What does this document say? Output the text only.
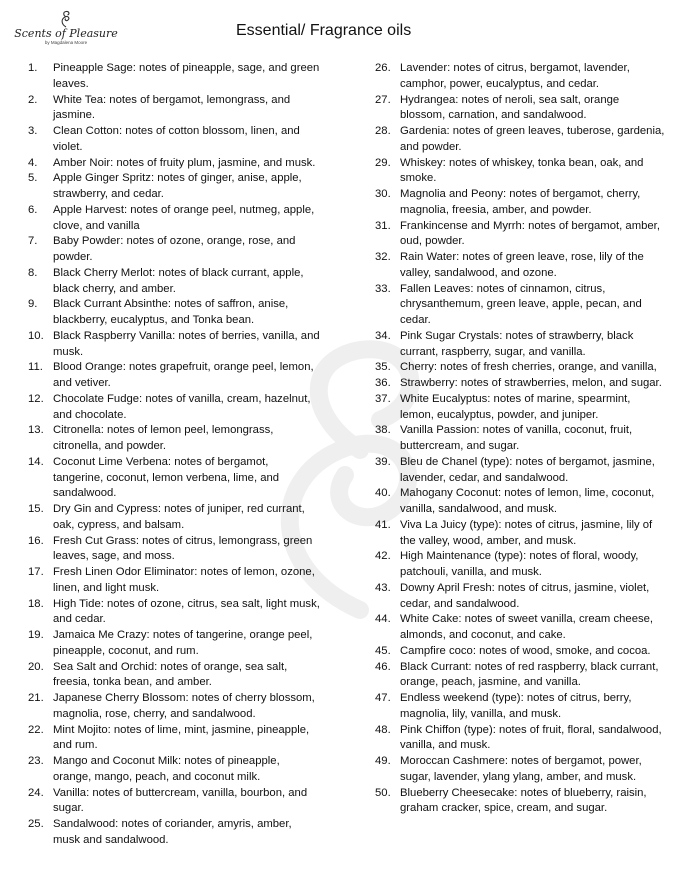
Scents of Pleasure
by Magdalena Moore
Essential/ Fragrance oils
1.	Pineapple Sage: notes of pineapple, sage, and green leaves.
2.	White Tea: notes of bergamot, lemongrass, and jasmine.
3.	Clean Cotton: notes of cotton blossom, linen, and violet.
4.	Amber Noir: notes of fruity plum, jasmine, and musk.
5.	Apple Ginger Spritz: notes of ginger, anise, apple, strawberry, and cedar.
6.	Apple Harvest: notes of orange peel, nutmeg, apple, clove, and vanilla
7.	Baby Powder: notes of ozone, orange, rose, and powder.
8.	Black Cherry Merlot: notes of black currant, apple, black cherry, and amber.
9.	Black Currant Absinthe: notes of saffron, anise, blackberry, eucalyptus, and Tonka bean.
10. Black Raspberry Vanilla: notes of berries, vanilla, and musk.
11. Blood Orange: notes grapefruit, orange peel, lemon, and vetiver.
12. Chocolate Fudge: notes of vanilla, cream, hazelnut, and chocolate.
13. Citronella: notes of lemon peel, lemongrass, citronella, and powder.
14. Coconut Lime Verbena: notes of bergamot, tangerine, coconut, lemon verbena, lime, and sandalwood.
15. Dry Gin and Cypress: notes of juniper, red currant, oak, cypress, and balsam.
16. Fresh Cut Grass: notes of citrus, lemongrass, green leaves, sage, and moss.
17. Fresh Linen Odor Eliminator: notes of lemon, ozone, linen, and light musk.
18. High Tide: notes of ozone, citrus, sea salt, light musk, and cedar.
19. Jamaica Me Crazy: notes of tangerine, orange peel, pineapple, coconut, and rum.
20. Sea Salt and Orchid: notes of orange, sea salt, freesia, tonka bean, and amber.
21. Japanese Cherry Blossom: notes of cherry blossom, magnolia, rose, cherry, and sandalwood.
22. Mint Mojito: notes of lime, mint, jasmine, pineapple, and rum.
23. Mango and Coconut Milk: notes of pineapple, orange, mango, peach, and coconut milk.
24. Vanilla: notes of buttercream, vanilla, bourbon, and sugar.
25. Sandalwood: notes of coriander, amyris, amber, musk and sandalwood.
26. Lavender: notes of citrus, bergamot, lavender, camphor, power, eucalyptus, and cedar.
27. Hydrangea: notes of neroli, sea salt, orange blossom, carnation, and sandalwood.
28. Gardenia: notes of green leaves, tuberose, gardenia, and powder.
29. Whiskey: notes of whiskey, tonka bean, oak, and smoke.
30. Magnolia and Peony: notes of bergamot, cherry, magnolia, freesia, amber, and powder.
31. Frankincense and Myrrh: notes of bergamot, amber, oud, powder.
32. Rain Water: notes of green leave, rose, lily of the valley, sandalwood, and ozone.
33. Fallen Leaves: notes of cinnamon, citrus, chrysanthemum, green leave, apple, pecan, and cedar.
34. Pink Sugar Crystals: notes of strawberry, black currant, raspberry, sugar, and vanilla.
35. Cherry: notes of fresh cherries, orange, and vanilla,
36. Strawberry: notes of strawberries, melon, and sugar.
37. White Eucalyptus: notes of marine, spearmint, lemon, eucalyptus, powder, and juniper.
38. Vanilla Passion: notes of vanilla, coconut, fruit, buttercream, and sugar.
39. Bleu de Chanel (type): notes of bergamot, jasmine, lavender, cedar, and sandalwood.
40. Mahogany Coconut: notes of lemon, lime, coconut, vanilla, sandalwood, and musk.
41. Viva La Juicy (type): notes of citrus, jasmine, lily of the valley, wood, amber, and musk.
42. High Maintenance (type): notes of floral, woody, patchouli, vanilla, and musk.
43. Downy April Fresh: notes of citrus, jasmine, violet, cedar, and sandalwood.
44. White Cake: notes of sweet vanilla, cream cheese, almonds, and coconut, and cake.
45. Campfire coco: notes of wood, smoke, and cocoa.
46. Black Currant: notes of red raspberry, black currant, orange, peach, jasmine, and vanilla.
47. Endless weekend (type): notes of citrus, berry, magnolia, lily, vanilla, and musk.
48. Pink Chiffon (type): notes of fruit, floral, sandalwood, vanilla, and musk.
49. Moroccan Cashmere: notes of bergamot, power, sugar, lavender, ylang ylang, amber, and musk.
50. Blueberry Cheesecake: notes of blueberry, raisin, graham cracker, spice, cream, and sugar.
